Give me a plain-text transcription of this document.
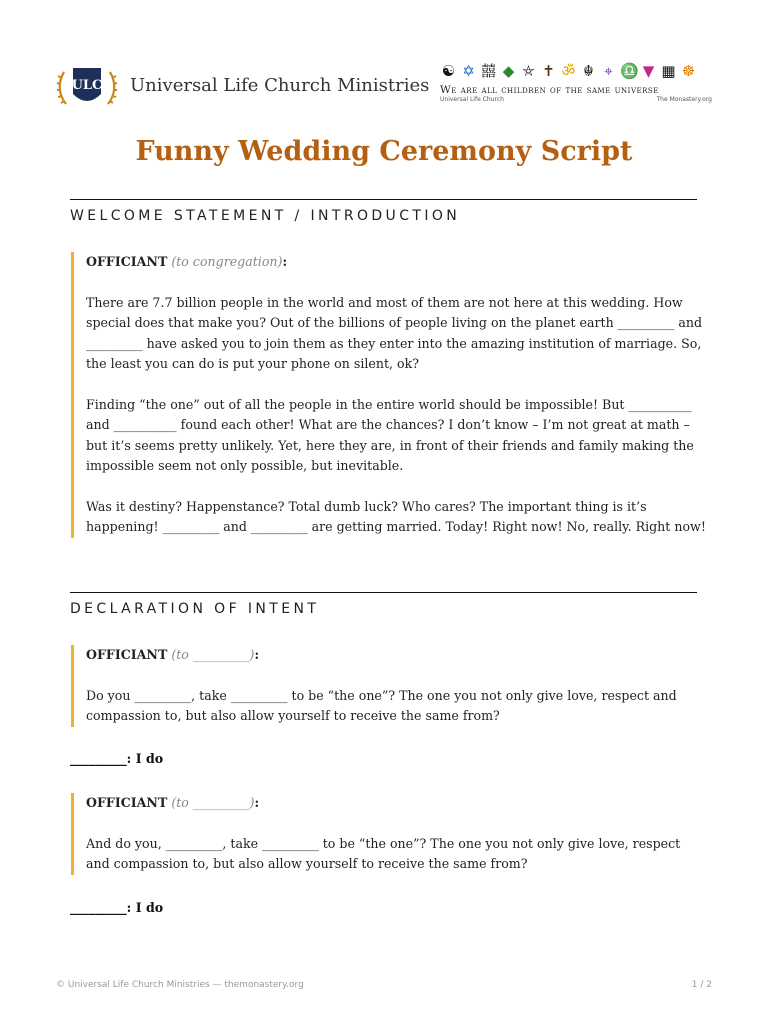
ULC Universal Life Church Ministries
☯ ✡ 囍 ◆ ⛤ ✝ ॐ ☬ ⌖ ♎ ▼ ▦ ☸
We are all children of the same universe
Universal Life Church	The Monastery.org
Funny Wedding Ceremony Script
WELCOME STATEMENT / INTRODUCTION

OFFICIANT (to congregation):

There are 7.7 billion people in the world and most of them are not here at this wedding. How special does that make you? Out of the billions of people living on the planet earth _________ and _________ have asked you to join them as they enter into the amazing institution of marriage. So, the least you can do is put your phone on silent, ok?

Finding “the one” out of all the people in the entire world should be impossible! But __________ and __________ found each other! What are the chances? I don’t know – I’m not great at math – but it’s seems pretty unlikely. Yet, here they are, in front of their friends and family making the impossible seem not only possible, but inevitable.

Was it destiny? Happenstance? Total dumb luck? Who cares? The important thing is it’s happening! _________ and _________ are getting married. Today! Right now! No, really. Right now!

DECLARATION OF INTENT

OFFICIANT (to _________):

Do you _________, take _________ to be “the one”? The one you not only give love, respect and compassion to, but also allow yourself to receive the same from?

_________: I do

OFFICIANT (to _________):

And do you, _________, take _________ to be “the one”? The one you not only give love, respect and compassion to, but also allow yourself to receive the same from?

_________: I do
© Universal Life Church Ministries — themonastery.org	1 / 2
